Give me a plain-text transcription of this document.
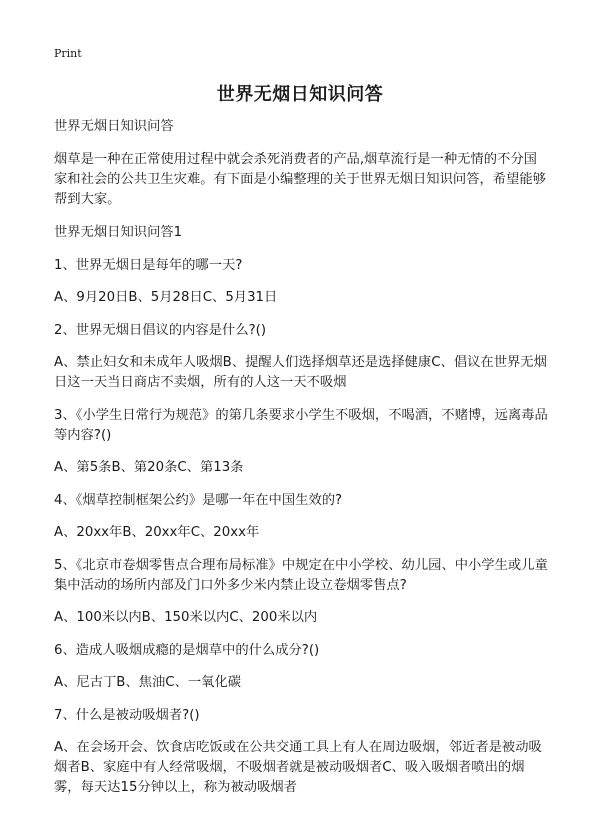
Print
世界无烟日知识问答

世界无烟日知识问答

烟草是一种在正常使用过程中就会杀死消费者的产品,烟草流行是一种无情的不分国家和社会的公共卫生灾难。有下面是小编整理的关于世界无烟日知识问答，希望能够帮到大家。

世界无烟日知识问答1

1、世界无烟日是每年的哪一天?

A、9月20日B、5月28日C、5月31日

2、世界无烟日倡议的内容是什么?()

A、禁止妇女和未成年人吸烟B、提醒人们选择烟草还是选择健康C、倡议在世界无烟日这一天当日商店不卖烟，所有的人这一天不吸烟

3、《小学生日常行为规范》的第几条要求小学生不吸烟，不喝酒，不赌博，远离毒品等内容?()

A、第5条B、第20条C、第13条

4、《烟草控制框架公约》是哪一年在中国生效的?

A、20xx年B、20xx年C、20xx年

5、《北京市卷烟零售点合理布局标准》中规定在中小学校、幼儿园、中小学生或儿童集中活动的场所内部及门口外多少米内禁止设立卷烟零售点?

A、100米以内B、150米以内C、200米以内

6、造成人吸烟成瘾的是烟草中的什么成分?()

A、尼古丁B、焦油C、一氧化碳

7、什么是被动吸烟者?()

A、在会场开会、饮食店吃饭或在公共交通工具上有人在周边吸烟，邻近者是被动吸烟者B、家庭中有人经常吸烟，不吸烟者就是被动吸烟者C、吸入吸烟者喷出的烟雾，每天达15分钟以上，称为被动吸烟者
